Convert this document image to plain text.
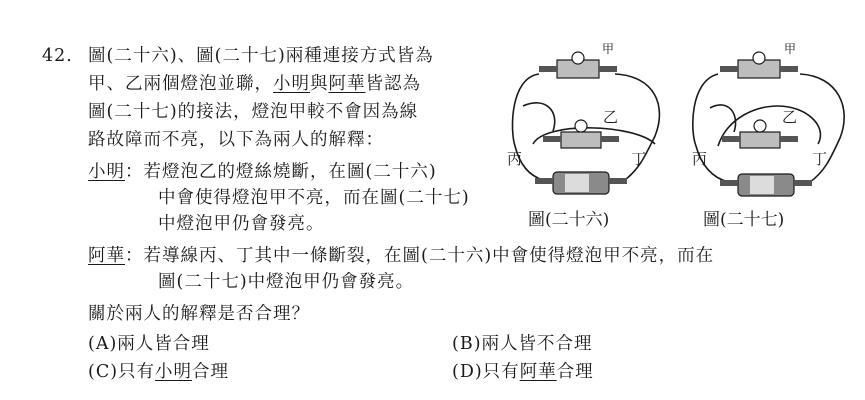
42. 圖(二十六)、圖(二十七)兩種連接方式皆為
甲、乙兩個燈泡並聯，小明與阿華皆認為
圖(二十七)的接法，燈泡甲較不會因為線
路故障而不亮，以下為兩人的解釋：
小明：若燈泡乙的燈絲燒斷，在圖(二十六)
中會使得燈泡甲不亮，而在圖(二十七)
中燈泡甲仍會發亮。
阿華：若導線丙、丁其中一條斷裂，在圖(二十六)中會使得燈泡甲不亮，而在
圖(二十七)中燈泡甲仍會發亮。
關於兩人的解釋是否合理？
(A)兩人皆合理	(B)兩人皆不合理
(C)只有小明合理	(D)只有阿華合理
甲
乙
丙	丁
圖(二十六)
甲
乙
丙	丁
圖(二十七)
